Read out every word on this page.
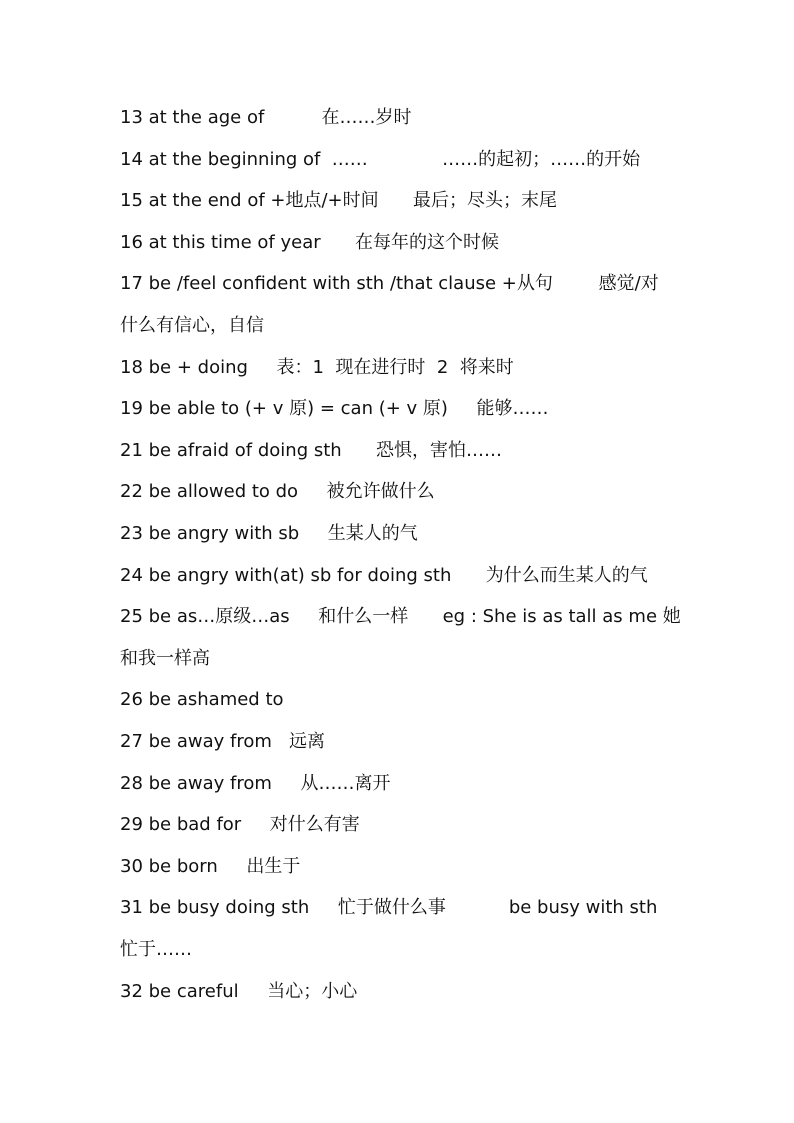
13 at the age of          在……岁时
14 at the beginning of  ……             ……的起初；……的开始
15 at the end of +地点/+时间      最后；尽头；末尾
16 at this time of year      在每年的这个时候
17 be /feel confident with sth /that clause +从句        感觉/对
什么有信心，自信
18 be + doing     表：1  现在进行时  2  将来时
19 be able to (+ v 原) = can (+ v 原)     能够……
21 be afraid of doing sth      恐惧，害怕……
22 be allowed to do     被允许做什么
23 be angry with sb     生某人的气
24 be angry with(at) sb for doing sth      为什么而生某人的气
25 be as…原级…as     和什么一样      eg : She is as tall as me 她
和我一样高
26 be ashamed to
27 be away from   远离
28 be away from     从……离开
29 be bad for     对什么有害
30 be born     出生于
31 be busy doing sth     忙于做什么事           be busy with sth
忙于……
32 be careful     当心；小心
